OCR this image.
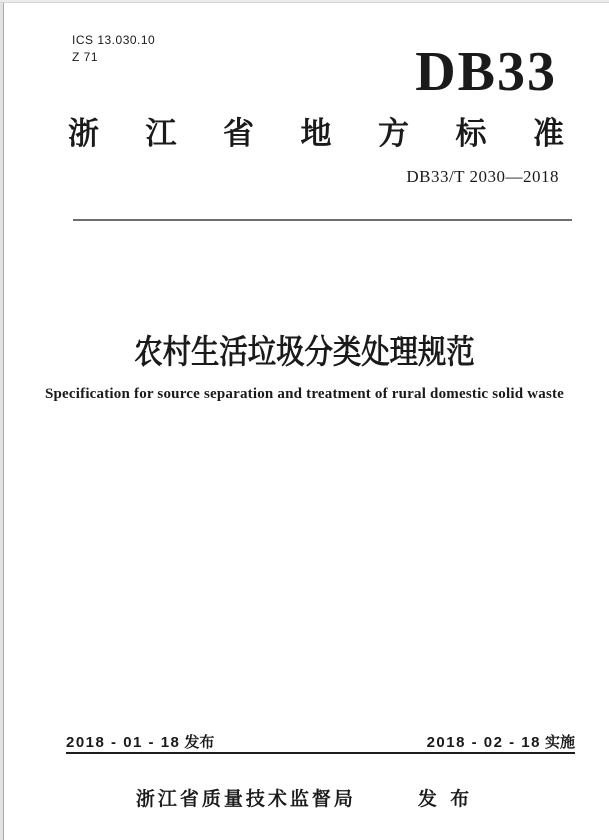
ICS 13.030.10
Z 71	DB33
浙 江 省 地 方 标 准
DB33/T 2030—2018
农村生活垃圾分类处理规范
Specification for source separation and treatment of rural domestic solid waste
2018 - 01 - 18 发布	2018 - 02 - 18 实施
浙江省质量技术监督局	发 布
